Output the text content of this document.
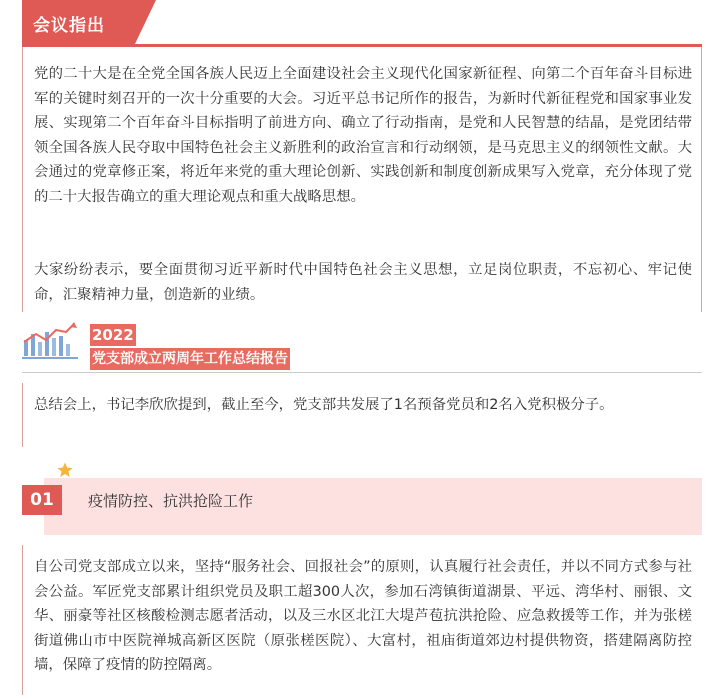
会议指出

党的二十大是在全党全国各族人民迈上全面建设社会主义现代化国家新征程、向第二个百年奋斗目标进军的关键时刻召开的一次十分重要的大会。习近平总书记所作的报告，为新时代新征程党和国家事业发展、实现第二个百年奋斗目标指明了前进方向、确立了行动指南，是党和人民智慧的结晶，是党团结带领全国各族人民夺取中国特色社会主义新胜利的政治宣言和行动纲领，是马克思主义的纲领性文献。大会通过的党章修正案，将近年来党的重大理论创新、实践创新和制度创新成果写入党章，充分体现了党的二十大报告确立的重大理论观点和重大战略思想。

大家纷纷表示，要全面贯彻习近平新时代中国特色社会主义思想，立足岗位职责，不忘初心、牢记使命，汇聚精神力量，创造新的业绩。

2022
党支部成立两周年工作总结报告

总结会上，书记李欣欣提到，截止至今，党支部共发展了1名预备党员和2名入党积极分子。

01	疫情防控、抗洪抢险工作

自公司党支部成立以来，坚持“服务社会、回报社会”的原则，认真履行社会责任，并以不同方式参与社会公益。军匠党支部累计组织党员及职工超300人次，参加石湾镇街道湖景、平远、湾华村、丽银、文华、丽豪等社区核酸检测志愿者活动，以及三水区北江大堤芦苞抗洪抢险、应急救援等工作，并为张槎街道佛山市中医院禅城高新区医院（原张槎医院）、大富村，祖庙街道郊边村提供物资，搭建隔离防控墙，保障了疫情的防控隔离。
